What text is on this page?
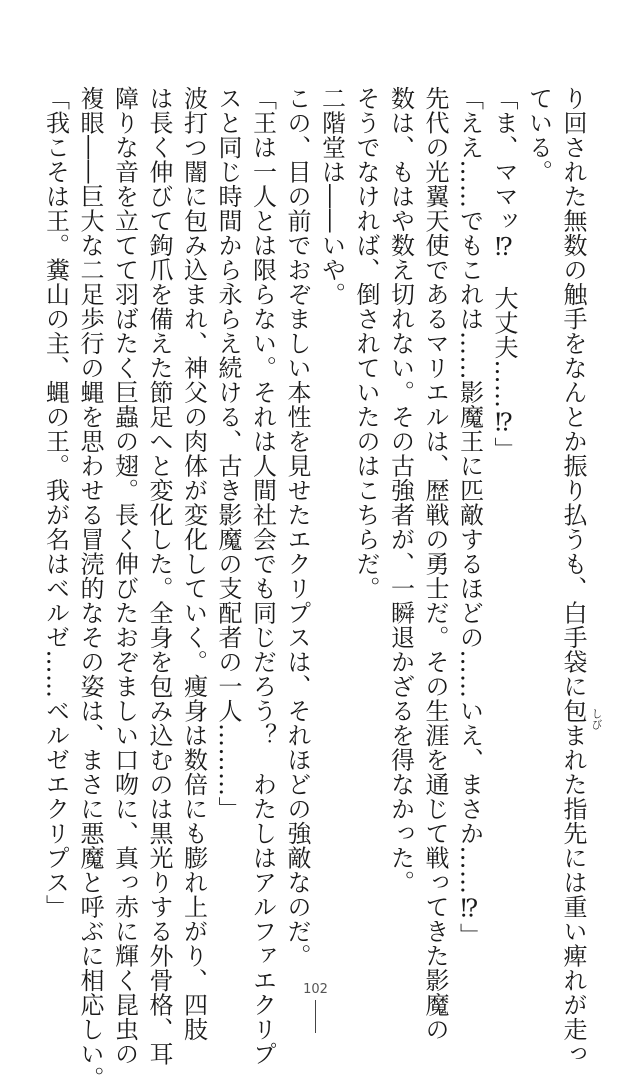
り回された無数の触手をなんとか振り払うも、白手袋に包まれた指先には重い痺れが走っ
ている。
「ま、ママッ⁉　大丈夫……⁉」
「ええ……でもこれは……影魔王に匹敵するほどの……いえ、まさか……⁉」
先代の光翼天使であるマリエルは、歴戦の勇士だ。その生涯を通じて戦ってきた影魔の
数は、もはや数え切れない。その古強者が、一瞬退かざるを得なかった。
そうでなければ、倒されていたのはこちらだ。
二階堂は――いや。
この、目の前でおぞましい本性を見せたエクリプスは、それほどの強敵なのだ。
「王は一人とは限らない。それは人間社会でも同じだろう？　わたしはアルファエクリプ
スと同じ時間から永らえ続ける、古き影魔の支配者の一人………」
波打つ闇に包み込まれ、神父の肉体が変化していく。痩身は数倍にも膨れ上がり、四肢
は長く伸びて鉤爪を備えた節足へと変化した。全身を包み込むのは黒光りする外骨格、耳
障りな音を立てて羽ばたく巨蟲の翅。長く伸びたおぞましい口吻に、真っ赤に輝く昆虫の
複眼――巨大な二足歩行の蝿を思わせる冒涜的なその姿は、まさに悪魔と呼ぶに相応しい。
「我こそは王。糞山の主、蝿の王。我が名はベルゼ……ベルゼエクリプス」	しび
102
